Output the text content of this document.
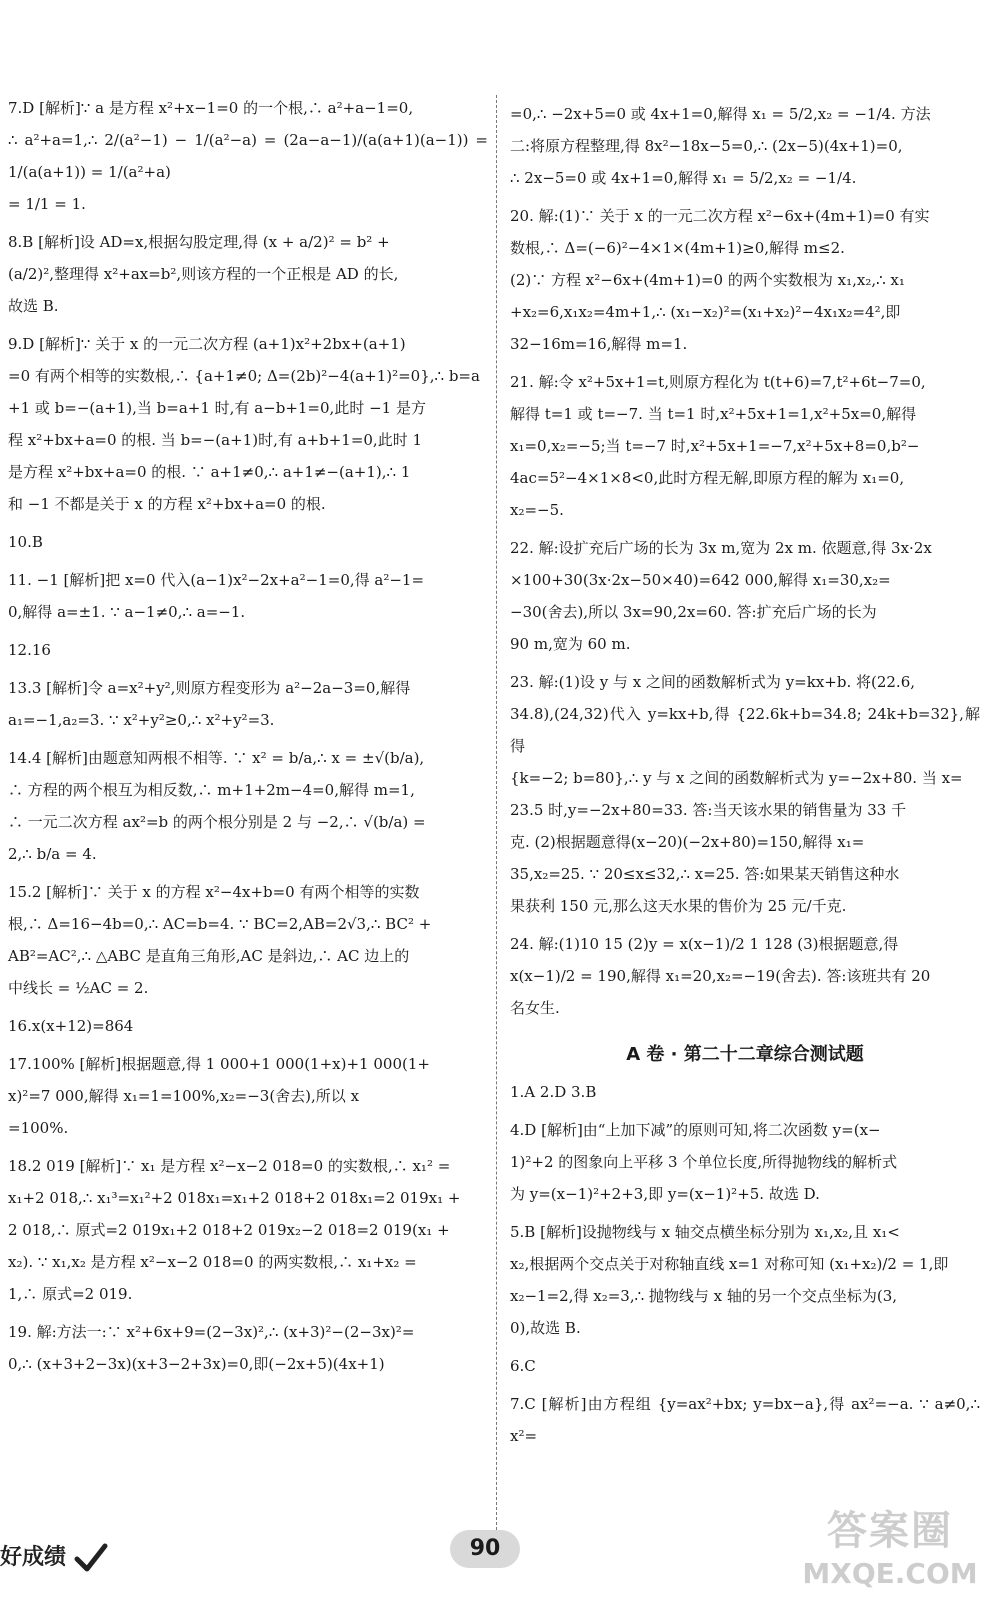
7.D [解析]∵ a 是方程 x²+x−1=0 的一个根,∴ a²+a−1=0,

∴ a²+a=1,∴ 2/(a²−1) − 1/(a²−a) = (2a−a−1)/(a(a+1)(a−1)) = 1/(a(a+1)) = 1/(a²+a)

= 1/1 = 1.

8.B [解析]设 AD=x,根据勾股定理,得 (x + a/2)² = b² +

(a/2)²,整理得 x²+ax=b²,则该方程的一个正根是 AD 的长,

故选 B.

9.D [解析]∵ 关于 x 的一元二次方程 (a+1)x²+2bx+(a+1)

=0 有两个相等的实数根,∴ {a+1≠0; Δ=(2b)²−4(a+1)²=0},∴ b=a

+1 或 b=−(a+1),当 b=a+1 时,有 a−b+1=0,此时 −1 是方

程 x²+bx+a=0 的根. 当 b=−(a+1)时,有 a+b+1=0,此时 1

是方程 x²+bx+a=0 的根. ∵ a+1≠0,∴ a+1≠−(a+1),∴ 1

和 −1 不都是关于 x 的方程 x²+bx+a=0 的根.

10.B

11. −1 [解析]把 x=0 代入(a−1)x²−2x+a²−1=0,得 a²−1=

0,解得 a=±1. ∵ a−1≠0,∴ a=−1.

12.16

13.3 [解析]令 a=x²+y²,则原方程变形为 a²−2a−3=0,解得

a₁=−1,a₂=3. ∵ x²+y²≥0,∴ x²+y²=3.

14.4 [解析]由题意知两根不相等. ∵ x² = b/a,∴ x = ±√(b/a),

∴ 方程的两个根互为相反数,∴ m+1+2m−4=0,解得 m=1,

∴ 一元二次方程 ax²=b 的两个根分别是 2 与 −2,∴ √(b/a) =

2,∴ b/a = 4.

15.2 [解析]∵ 关于 x 的方程 x²−4x+b=0 有两个相等的实数

根,∴ Δ=16−4b=0,∴ AC=b=4. ∵ BC=2,AB=2√3,∴ BC² +

AB²=AC²,∴ △ABC 是直角三角形,AC 是斜边,∴ AC 边上的

中线长 = ½AC = 2.

16.x(x+12)=864

17.100% [解析]根据题意,得 1 000+1 000(1+x)+1 000(1+

x)²=7 000,解得 x₁=1=100%,x₂=−3(舍去),所以 x

=100%.

18.2 019 [解析]∵ x₁ 是方程 x²−x−2 018=0 的实数根,∴ x₁² =

x₁+2 018,∴ x₁³=x₁²+2 018x₁=x₁+2 018+2 018x₁=2 019x₁ +

2 018,∴ 原式=2 019x₁+2 018+2 019x₂−2 018=2 019(x₁ +

x₂). ∵ x₁,x₂ 是方程 x²−x−2 018=0 的两实数根,∴ x₁+x₂ =

1,∴ 原式=2 019.

19. 解:方法一:∵ x²+6x+9=(2−3x)²,∴ (x+3)²−(2−3x)²=

0,∴ (x+3+2−3x)(x+3−2+3x)=0,即(−2x+5)(4x+1)

=0,∴ −2x+5=0 或 4x+1=0,解得 x₁ = 5/2,x₂ = −1/4. 方法

二:将原方程整理,得 8x²−18x−5=0,∴ (2x−5)(4x+1)=0,

∴ 2x−5=0 或 4x+1=0,解得 x₁ = 5/2,x₂ = −1/4.

20. 解:(1)∵ 关于 x 的一元二次方程 x²−6x+(4m+1)=0 有实

数根,∴ Δ=(−6)²−4×1×(4m+1)≥0,解得 m≤2.

(2)∵ 方程 x²−6x+(4m+1)=0 的两个实数根为 x₁,x₂,∴ x₁

+x₂=6,x₁x₂=4m+1,∴ (x₁−x₂)²=(x₁+x₂)²−4x₁x₂=4²,即

32−16m=16,解得 m=1.

21. 解:令 x²+5x+1=t,则原方程化为 t(t+6)=7,t²+6t−7=0,

解得 t=1 或 t=−7. 当 t=1 时,x²+5x+1=1,x²+5x=0,解得

x₁=0,x₂=−5;当 t=−7 时,x²+5x+1=−7,x²+5x+8=0,b²−

4ac=5²−4×1×8<0,此时方程无解,即原方程的解为 x₁=0,

x₂=−5.

22. 解:设扩充后广场的长为 3x m,宽为 2x m. 依题意,得 3x·2x

×100+30(3x·2x−50×40)=642 000,解得 x₁=30,x₂=

−30(舍去),所以 3x=90,2x=60. 答:扩充后广场的长为

90 m,宽为 60 m.

23. 解:(1)设 y 与 x 之间的函数解析式为 y=kx+b. 将(22.6,

34.8),(24,32)代入 y=kx+b,得 {22.6k+b=34.8; 24k+b=32},解得

{k=−2; b=80},∴ y 与 x 之间的函数解析式为 y=−2x+80. 当 x=

23.5 时,y=−2x+80=33. 答:当天该水果的销售量为 33 千

克. (2)根据题意得(x−20)(−2x+80)=150,解得 x₁=

35,x₂=25. ∵ 20≤x≤32,∴ x=25. 答:如果某天销售这种水

果获利 150 元,那么这天水果的售价为 25 元/千克.

24. 解:(1)10 15 (2)y = x(x−1)/2 1 128 (3)根据题意,得

x(x−1)/2 = 190,解得 x₁=20,x₂=−19(舍去). 答:该班共有 20

名女生.

A 卷 · 第二十二章综合测试题

1.A 2.D 3.B

4.D [解析]由“上加下减”的原则可知,将二次函数 y=(x−

1)²+2 的图象向上平移 3 个单位长度,所得抛物线的解析式

为 y=(x−1)²+2+3,即 y=(x−1)²+5. 故选 D.

5.B [解析]设抛物线与 x 轴交点横坐标分别为 x₁,x₂,且 x₁<

x₂,根据两个交点关于对称轴直线 x=1 对称可知 (x₁+x₂)/2 = 1,即

x₂−1=2,得 x₂=3,∴ 抛物线与 x 轴的另一个交点坐标为(3,

0),故选 B.

6.C

7.C [解析]由方程组 {y=ax²+bx; y=bx−a},得 ax²=−a. ∵ a≠0,∴ x²=

好成绩	90	答案圈
MXQE.COM
